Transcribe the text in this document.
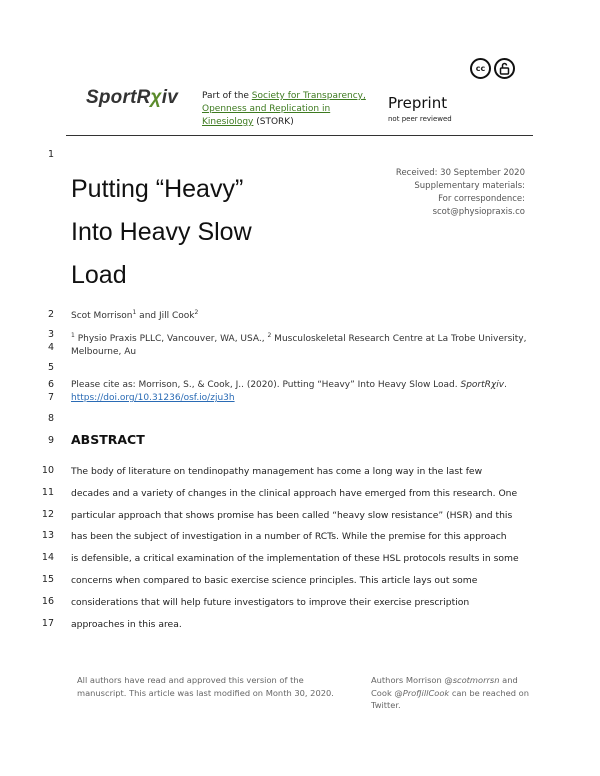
SportRχiv	Part of the Society for Transparency, Openness and Replication in Kinesiology (STORK)
cc
Preprint
not peer reviewed
1
2
3
4
5
6
7
8
9
10
11
12
13
14
15
16
17
Putting “Heavy”
Into Heavy Slow
Load
Received: 30 September 2020
Supplementary materials:
For correspondence:
scot@physiopraxis.co
Scot Morrison$^1$ and Jill Cook$^2$
$^1$ Physio Praxis PLLC, Vancouver, WA, USA., $^2$ Musculoskeletal Research Centre at La Trobe University, Melbourne, Au
Please cite as: Morrison, S., & Cook, J.. (2020). Putting “Heavy” Into Heavy Slow Load. SportRχiv.
https://doi.org/10.31236/osf.io/zju3h
ABSTRACT
The body of literature on tendinopathy management has come a long way in the last few
decades and a variety of changes in the clinical approach have emerged from this research. One
particular approach that shows promise has been called “heavy slow resistance” (HSR) and this
has been the subject of investigation in a number of RCTs. While the premise for this approach
is defensible, a critical examination of the implementation of these HSL protocols results in some
concerns when compared to basic exercise science principles. This article lays out some
considerations that will help future investigators to improve their exercise prescription
approaches in this area.
All authors have read and approved this version of the manuscript. This article was last modified on Month 30, 2020.
Authors Morrison @scotmorrsn and Cook @ProfJillCook can be reached on Twitter.
